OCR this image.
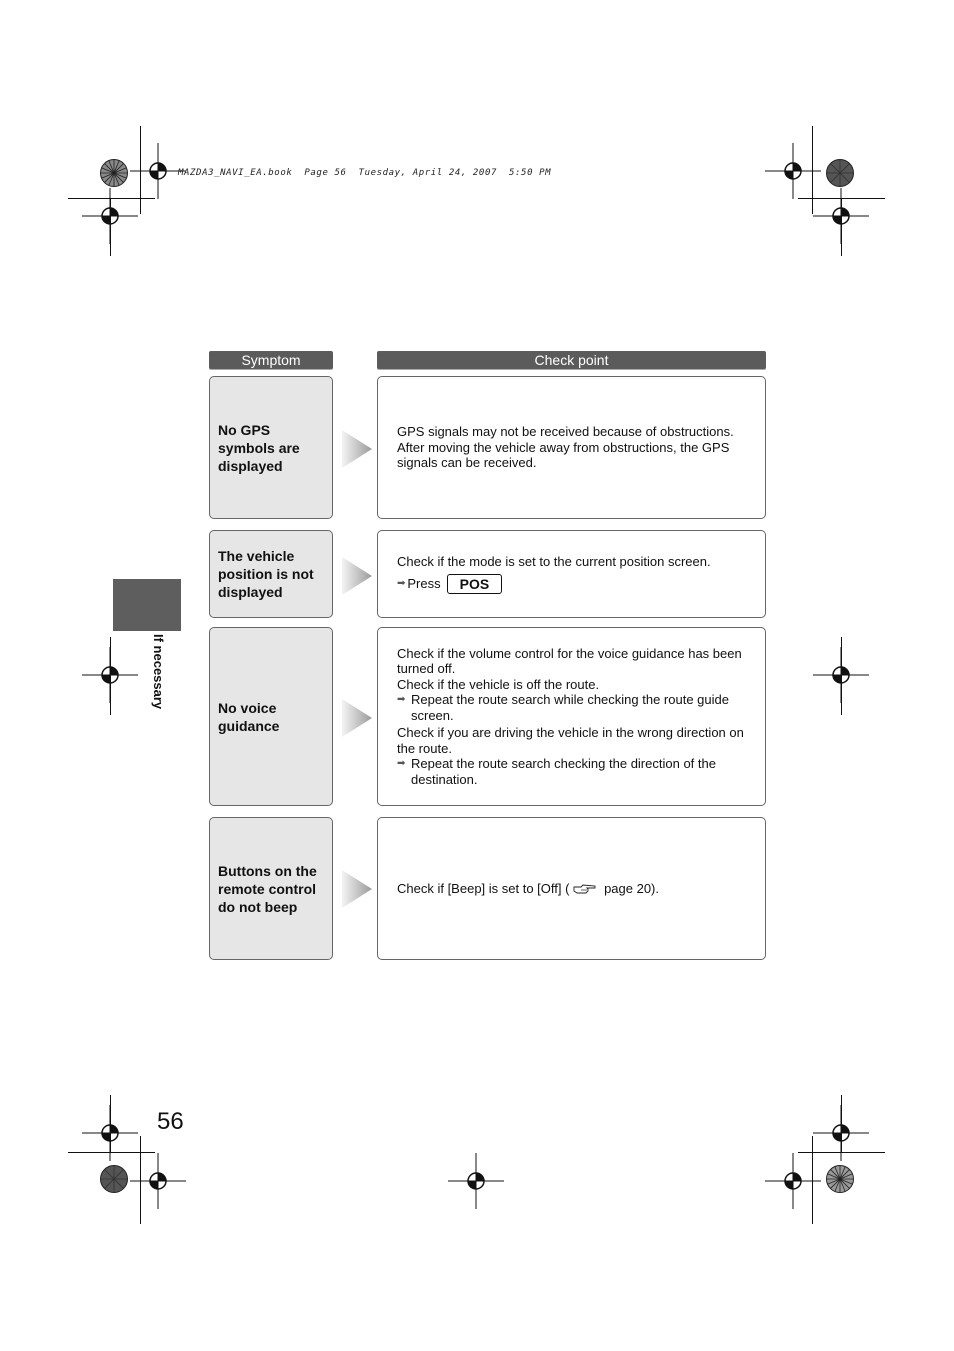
MAZDA3_NAVI_EA.book  Page 56  Tuesday, April 24, 2007  5:50 PM
If necessary
Symptom	Check point
No GPS symbols are displayed
GPS signals may not be received because of obstructions. After moving the vehicle away from obstructions, the GPS signals can be received.
The vehicle position is not displayed
Check if the mode is set to the current position screen.
➡ Press	POS
No voice guidance
Check if the volume control for the voice guidance has been turned off.
Check if the vehicle is off the route.
➡ Repeat the route search while checking the route guide screen.
Check if you are driving the vehicle in the wrong direction on the route.
➡ Repeat the route search checking the direction of the destination.
Buttons on the remote control do not beep
Check if [Beep] is set to [Off] ( page 20).
56
